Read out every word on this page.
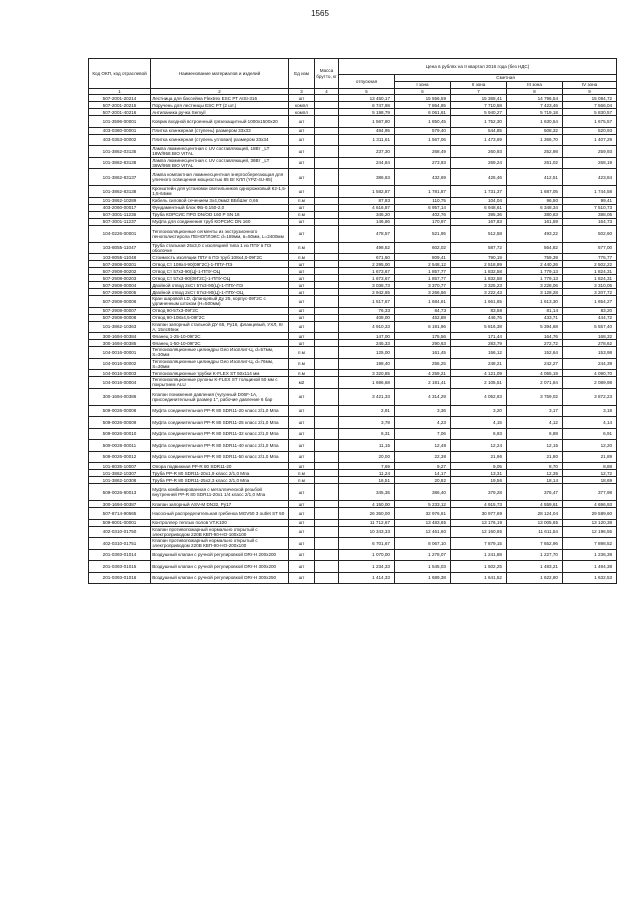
1565
Код ОКП, код отраслевой	Наименование материалов и изделий	Ед изм	Масса брутто, кг	Цена в рублях на II квартал 2016 года (без НДС)				
				отпускная	Сметная			
					I зона	II зона	III зона	IV зона
1	2	3	4	5	6	7	8	9
507-2001-20214	Лестница для бассейна Flextrex ESC PT AISI-316	шт		13 450,17	15 556,59	15 368,41	14 796,54	15 084,72
507-2001-20215	Поручень для лестницы ESC PT (2 шт.)	компл		6 747,98	7 864,95	7 710,58	7 423,46	7 566,04
507-2001-40216	Антипаника ручка Semyil	компл		5 198,79	6 061,61	5 940,27	5 719,18	5 830,57
101-3596-00001	Коврик входной встроенный грязезащитный 1000х1500х20	шт		1 567,80	1 850,45	1 752,30	1 630,54	1 675,57
403-0380-00001	Плитка клинкерная (ступень) размером 33х33	шт		484,95	579,40	544,85	508,32	520,93
403-0353-00002	Плитка клинкерная (ступень угловая) размером 33х34	шт		1 311,61	1 567,06	1 473,69	1 366,70	1 407,29
101-3862-03135	Лампа люминесцентная с UV составляющей, 18Вт _LT 18W/958 BIO VITAL	шт		237,30	268,49	260,93	252,98	259,93
101-3862-83138	Лампа люминесцентная с UV составляющей, 36Вт _LT 36W/958 BIO VITAL	шт		244,84	273,93	269,24	261,02	268,19
101-3862-83137	Лампа компактная люминесцентная энергосберегающая для уличного освещения мощностью 85 Вт КЛЛ (YPZ-4U-85)	шт		386,63	432,69	425,46	412,51	423,84
101-3862-83138	Кронштейн для установки светильников однорожковый К2-1,5-1,5-64мм	шт		1 582,87	1 781,87	1 731,37	1 687,05	1 744,58
101-3862-10289	Кабель силовой сечением 3х4,0мм2 ВБбШнг 0,66	п.м		87,83	110,75	104,04	96,50	99,41
403-2060-00017	Фундаментный блок ФБ-0,150-2,0	шт		4 616,87	6 957,14	6 948,61	6 348,34	7 510,73
507-3001-11236	Труба КОРСИС ПРО DN/OD 160 Р SN 16	п.м		346,20	402,76	395,36	380,63	388,05
507-3001-11237	Муфта для соединения труб КОРСИС DN 160	шт		146,86	170,97	167,83	161,59	164,73
104-0226-00001	Теплоизоляционные сегменты из экструзионного пенополистирола ПЕНОПЛЭКС d=159мм, в=50мм, L=2400мм	шт		478,57	521,95	512,58	493,22	502,60
103-8055-11047	Труба стальная 25х3,0 с изоляцией типа 1 из ППУ в ПЭ оболочке	п.м		498,52	602,02	587,72	564,82	577,00
103-8055-11048	Стоимость изоляции ППУ в ПЭ труб 108х4,0-09Г2С	п.м		671,60	809,41	790,19	759,39	775,77
507-2908-00201	Отвод Ст 108х4-90(09Г2С)-1-ППУ-ПЭ	шт		2 295,00	2 548,12	2 518,89	2 440,26	2 502,22
507-2908-00202	Отвод Ст 57х3-90(Ц)-1-ППУ-ОЦ	шт		1 673,67	1 857,77	1 832,58	1 779,13	1 824,31
507-2908-00203	Отвод Ст 57х3-90(09Г2С)-1-ППУ-ОЦ	шт		1 673,67	1 857,77	1 832,58	1 779,13	1 824,31
507-2908-00004	Двойной отвод 2хСт 57х3-90(Ц)-1-ППУ-ПЭ	шт		3 038,73	3 370,77	3 325,23	3 228,06	3 310,05
507-2908-00005	Двойной отвод 2хСт 57х3-90(Ц)-1-ППУ-ОЦ	шт		2 942,65	3 266,56	3 222,43	3 128,28	3 207,72
507-2908-00006	Кран шаровой LD, фланцевый Ду 25, корпус-09Г2С с удлиненным штоком (Н=500мм)	шт		1 517,67	1 684,61	1 661,65	1 613,30	1 654,27
507-2908-00007	Отвод 90-57х3-09Г2С	шт		76,33	84,73	83,58	81,14	83,20
507-2908-00008	Отвод 90-108х4,5-09Г2С	шт		408,00	452,88	446,76	433,71	444,72
101-3862-10363	Клапан запорный стальной ДУ 65, Ру16, фланцевый, УХЛ, Кг А, 15лс65нж	шт		4 910,33	6 191,96	5 816,38	5 394,68	5 557,40
300-1694-00384	Фланец 1-25-10-09Г2С	шт		147,00	175,56	171,44	164,76	168,32
300-1694-00385	Фланец 1-50-10-09Г2С	шт		245,33	290,63	283,79	272,72	278,62
104-0016-00001	Теплоизоляционные цилиндры Geo Изоплит-Ц, d=57мм, S=30мм	п.м		125,00	161,45	156,12	152,64	153,98
104-0016-00002	Теплоизоляционные цилиндры Geo Изоплит-Ц, d=76мм, S=30мм	п.м		198,40	256,25	248,21	242,27	244,39
104-0016-00003	Теплоизоляционные трубки K-FLEX ST 50х114 мм	п.м		3 320,85	4 259,21	4 121,09	4 055,19	4 090,70
104-0016-00004	Теплоизоляционные рулоны K-FLEX ST толщиной 50 мм с покрытием ALU	м2		1 696,68	2 191,41	2 105,51	2 071,84	2 089,98
300-1694-00386	Клапан понижения давления (чугунный D06F-1А, присоединительный размер 1", рабочие давление 6 бар	шт		3 421,33	4 314,29	4 052,63	3 759,02	3 872,23
509-0026-00008	Муфта соединительная PP-R 80 SDR11-20 класс 2/1,0 Мпа	шт		2,91	3,36	3,20	3,17	3,18
509-0026-00009	Муфта соединительная PP-R 80 SDR11-25 класс 2/1,0 Мпа	шт		3,78	4,23	4,15	4,12	4,14
509-0026-00010	Муфта соединительная PP-R 80 SDR11-32 класс 2/1,0 Мпа	шт		6,31	7,06	6,93	6,88	6,91
509-0026-00011	Муфта соединительная PP-R 80 SDR11-40 класс 2/1,0 Мпа	шт		11,15	12,48	12,24	12,15	12,20
509-0026-00012	Муфта соединительная PP-R 80 SDR11-50 класс 2/1,0 Мпа	шт		20,00	22,38	21,96	21,80	21,89
101-8035-10007	Опора подвижная PP-R 80 SDR11-20	шт		7,69	9,27	9,05	8,70	8,88
101-3862-10307	Труба PP-R 80 SDR11-20х1,9 класс 2/1,0 Мпа	п.м		11,24	14,17	13,31	12,35	12,72
101-3862-10308	Труба PP-R 80 SDR11-25х2,3 класс 2/1,0 Мпа	п.м		16,51	20,82	19,56	18,14	18,69
509-0026-80013	Муфта комбинированная с металлической резьбой внутренней PP-R 80 SDR11-20х1 1/4 класс 2/1,0 Мпа	шт		345,35	386,40	379,28	376,47	377,98
300-1694-00387	Клапан запорный ASV-M DN32, Ру17	шт		4 150,00	5 233,12	4 915,73	4 559,61	4 696,93
507-8714-90565	Насосный распределительная гребенка MGV50 3 outlet ST 50	шт		26 350,00	32 976,61	30 977,69	28 124,04	29 589,60
509-8001-00001	Контроллер теплых полов VT.K100	шт		11 712,67	13 483,65	13 176,19	13 005,65	13 120,38
402-0310-01750	Клапан противопожарный нормально открытый с электроприводом 220В КВП-90-НО-100х100	шт		10 343,33	12 461,60	12 160,65	11 611,54	12 196,55
402-0310-01751	Клапан противопожарный нормально открытый с электроприводом 220В КВП-90-НО-200х100	шт		6 701,67	8 067,10	7 879,15	7 652,96	7 898,52
201-0393-01014	Воздушный клапан с ручной регулировкой DRr-H 200х200	шт		1 070,00	1 278,07	1 241,88	1 227,70	1 236,39
201-0393-01015	Воздушный клапан с ручной регулировкой DRr-H 300х200	шт		1 234,33	1 545,03	1 502,25	1 483,21	1 494,38
201-0393-01016	Воздушный клапан с ручной регулировкой DRr-H 300х250	шт		1 414,33	1 689,38	1 641,52	1 622,80	1 632,53
